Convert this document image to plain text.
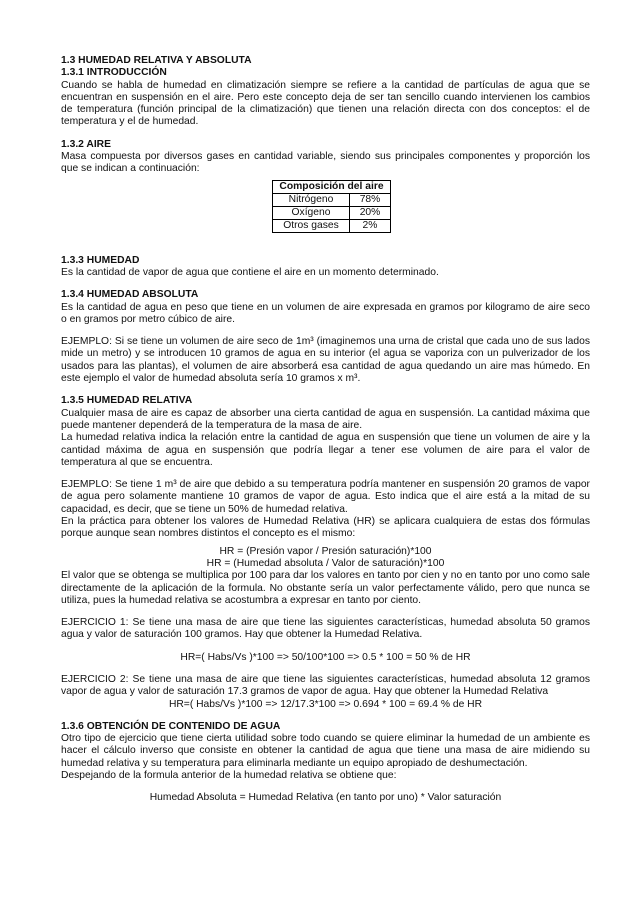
1.3 HUMEDAD RELATIVA Y ABSOLUTA

1.3.1 INTRODUCCIÓN

Cuando se habla de humedad en climatización siempre se refiere a la cantidad de partículas de agua que se encuentran en suspensión en el aire. Pero este concepto deja de ser tan sencillo cuando intervienen los cambios de temperatura (función principal de la climatización) que tienen una relación directa con dos conceptos: el de temperatura y el de humedad.

1.3.2 AIRE

Masa compuesta por diversos gases en cantidad variable, siendo sus principales componentes y proporción los que se indican a continuación:

Composición del aire	
Nitrógeno	78%
Oxígeno	20%
Otros gases	2%

1.3.3 HUMEDAD

Es la cantidad de vapor de agua que contiene el aire en un momento determinado.

1.3.4 HUMEDAD ABSOLUTA

Es la cantidad de agua en peso que tiene en un volumen de aire expresada en gramos por kilogramo de aire seco o en gramos por metro cúbico de aire.

EJEMPLO: Si se tiene un volumen de aire seco de 1m³ (imaginemos una urna de cristal que cada uno de sus lados mide un metro) y se introducen 10 gramos de agua en su interior (el agua se vaporiza con un pulverizador de los usados para las plantas), el volumen de aire absorberá esa cantidad de agua quedando un aire mas húmedo. En este ejemplo el valor de humedad absoluta sería 10 gramos x m³.

1.3.5 HUMEDAD RELATIVA

Cualquier masa de aire es capaz de absorber una cierta cantidad de agua en suspensión. La cantidad máxima que puede mantener dependerá de la temperatura de la masa de aire.

La humedad relativa indica la relación entre la cantidad de agua en suspensión que tiene un volumen de aire y la cantidad máxima de agua en suspensión que podría llegar a tener ese volumen de aire para el valor de temperatura al que se encuentra.

EJEMPLO: Se tiene 1 m³ de aire que debido a su temperatura podría mantener en suspensión 20 gramos de vapor de agua pero solamente mantiene 10 gramos de vapor de agua. Esto indica que el aire está a la mitad de su capacidad, es decir, que se tiene un 50% de humedad relativa.

En la práctica para obtener los valores de Humedad Relativa (HR) se aplicara cualquiera de estas dos fórmulas porque aunque sean nombres distintos el concepto es el mismo:

HR = (Presión vapor / Presión saturación)*100

HR = (Humedad absoluta / Valor de saturación)*100

El valor que se obtenga se multiplica por 100 para dar los valores en tanto por cien y no en tanto por uno como sale directamente de la aplicación de la formula. No obstante sería un valor perfectamente válido, pero que nunca se utiliza, pues la humedad relativa se acostumbra a expresar en tanto por ciento.

EJERCICIO 1: Se tiene una masa de aire que tiene las siguientes características, humedad absoluta 50 gramos agua y valor de saturación 100 gramos. Hay que obtener la Humedad Relativa.

HR=( Habs/Vs )*100 => 50/100*100 => 0.5 * 100 = 50 % de HR

EJERCICIO 2: Se tiene una masa de aire que tiene las siguientes características, humedad absoluta 12 gramos vapor de agua y valor de saturación 17.3 gramos de vapor de agua. Hay que obtener la Humedad Relativa

HR=( Habs/Vs )*100 => 12/17.3*100 => 0.694 * 100 = 69.4 % de HR

1.3.6 OBTENCIÓN DE CONTENIDO DE AGUA

Otro tipo de ejercicio que tiene cierta utilidad sobre todo cuando se quiere eliminar la humedad de un ambiente es hacer el cálculo inverso que consiste en obtener la cantidad de agua que tiene una masa de aire midiendo su humedad relativa y su temperatura para eliminarla mediante un equipo apropiado de deshumectación.

Despejando de la formula anterior de la humedad relativa se obtiene que:

Humedad Absoluta = Humedad Relativa (en tanto por uno) * Valor saturación
